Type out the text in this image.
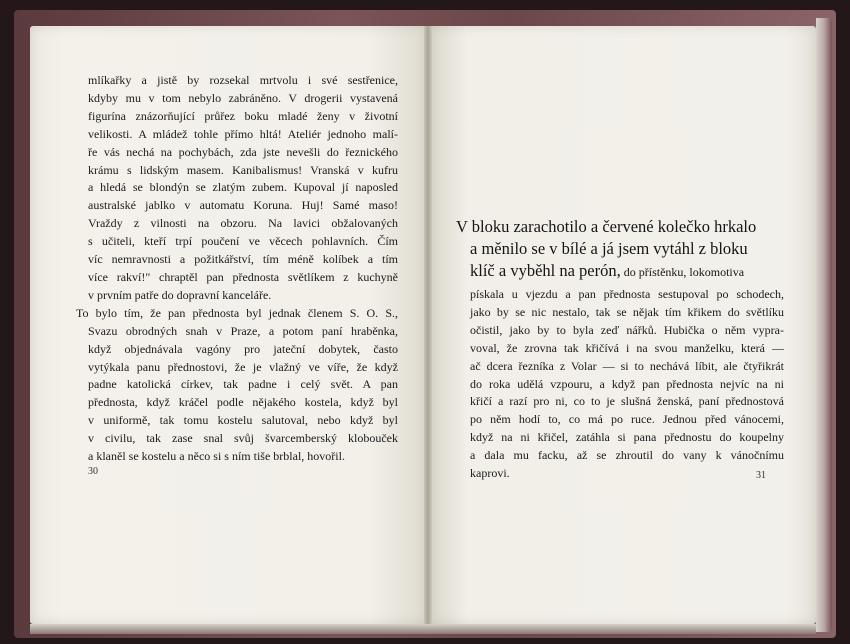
mlíkařky a jistě by rozsekal mrtvolu i své sestřenice,
kdyby mu v tom nebylo zabráněno. V drogerii vystavená
figurína znázorňující průřez boku mladé ženy v životní
velikosti. A mládež tohle přímo hltá! Ateliér jednoho malí-
ře vás nechá na pochybách, zda jste nevešli do řeznického
krámu s lidským masem. Kanibalismus! Vranská v kufru
a hledá se blondýn se zlatým zubem. Kupoval jí naposled
australské jablko v automatu Koruna. Huj! Samé maso!
Vraždy z vilnosti na obzoru. Na lavici obžalovaných
s učiteli, kteří trpí poučení ve věcech pohlavních. Čím
víc nemravnosti a požitkářství, tím méně kolíbek a tím
více rakví!" chraptěl pan přednosta světlíkem z kuchyně
v prvním patře do dopravní kanceláře.
To bylo tím, že pan přednosta byl jednak členem S. O. S.,
Svazu obrodných snah v Praze, a potom paní hraběnka,
když objednávala vagóny pro jateční dobytek, často
vytýkala panu přednostovi, že je vlažný ve víře, že když
padne katolická církev, tak padne i celý svět. A pan
přednosta, když kráčel podle nějakého kostela, když byl
v uniformě, tak tomu kostelu salutoval, nebo když byl
v civilu, tak zase snal svůj švarcemberský klobouček
a klaněl se kostelu a něco si s ním tiše brblal, hovořil.
30
V bloku zarachotilo a červené kolečko hrkalo
a měnilo se v bílé a já jsem vytáhl z bloku
klíč a vyběhl na perón, do přístěnku, lokomotiva
pískala u vjezdu a pan přednosta sestupoval po schodech,
jako by se nic nestalo, tak se nějak tím křikem do světlíku
očistil, jako by to byla zeď nářků. Hubička o něm vypra-
voval, že zrovna tak křičívá i na svou manželku, která —
ač dcera řezníka z Volar — si to nechává líbit, ale čtyřikrát
do roka udělá vzpouru, a když pan přednosta nejvíc na ni
křičí a razí pro ni, co to je slušná ženská, paní přednostová
po něm hodí to, co má po ruce. Jednou před vánocemi,
když na ni křičel, zatáhla si pana přednostu do koupelny
a dala mu facku, až se zhroutil do vany k vánočnímu
kaprovi.	31
